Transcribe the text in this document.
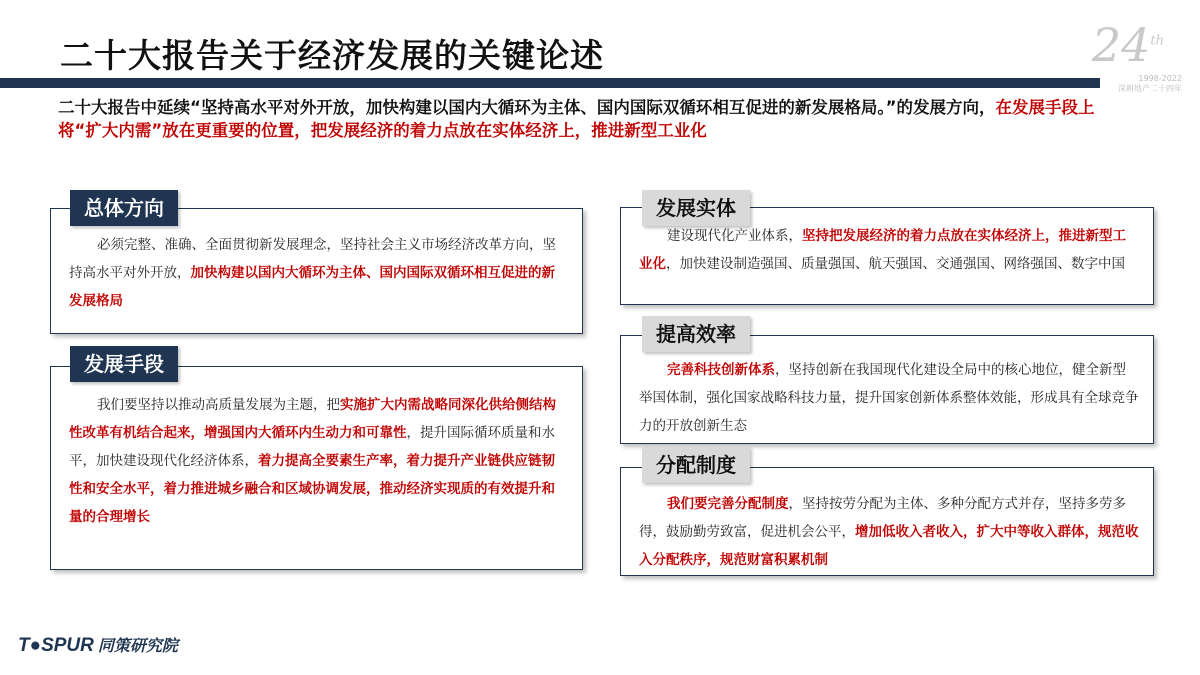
二十大报告关于经济发展的关键论述	24th
1998-2022
深耕地产二十四年
二十大报告中延续“坚持高水平对外开放，加快构建以国内大循环为主体、国内国际双循环相互促进的新发展格局。”的发展方向，在发展手段上将“扩大内需”放在更重要的位置，把发展经济的着力点放在实体经济上，推进新型工业化
必须完整、准确、全面贯彻新发展理念，坚持社会主义市场经济改革方向，坚持高水平对外开放，加快构建以国内大循环为主体、国内国际双循环相互促进的新发展格局
总体方向
我们要坚持以推动高质量发展为主题，把实施扩大内需战略同深化供给侧结构性改革有机结合起来，增强国内大循环内生动力和可靠性，提升国际循环质量和水平，加快建设现代化经济体系，着力提高全要素生产率，着力提升产业链供应链韧性和安全水平，着力推进城乡融合和区域协调发展，推动经济实现质的有效提升和量的合理增长
发展手段
建设现代化产业体系，坚持把发展经济的着力点放在实体经济上，推进新型工业化，加快建设制造强国、质量强国、航天强国、交通强国、网络强国、数字中国
发展实体
完善科技创新体系，坚持创新在我国现代化建设全局中的核心地位，健全新型举国体制，强化国家战略科技力量，提升国家创新体系整体效能，形成具有全球竞争力的开放创新生态
提高效率
我们要完善分配制度，坚持按劳分配为主体、多种分配方式并存，坚持多劳多得，鼓励勤劳致富，促进机会公平，增加低收入者收入，扩大中等收入群体，规范收入分配秩序，规范财富积累机制
分配制度
T●SPUR 同策研究院
